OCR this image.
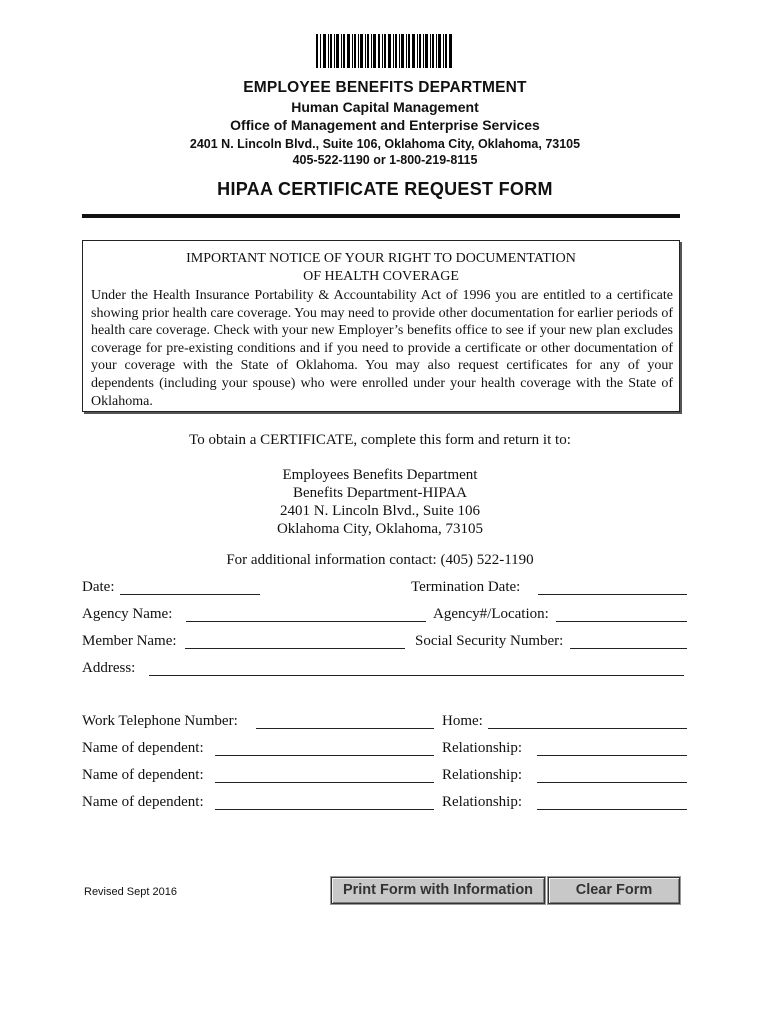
EMPLOYEE BENEFITS DEPARTMENT
Human Capital Management
Office of Management and Enterprise Services
2401 N. Lincoln Blvd., Suite 106, Oklahoma City, Oklahoma, 73105
405-522-1190 or 1-800-219-8115
HIPAA CERTIFICATE REQUEST FORM
IMPORTANT NOTICE OF YOUR RIGHT TO DOCUMENTATION
OF HEALTH COVERAGE
Under the Health Insurance Portability & Accountability Act of 1996 you are entitled to a certificate showing prior health care coverage. You may need to provide other documentation for earlier periods of health care coverage. Check with your new Employer’s benefits office to see if your new plan excludes coverage for pre-existing conditions and if you need to provide a certificate or other documentation of your coverage with the State of Oklahoma. You may also request certificates for any of your dependents (including your spouse) who were enrolled under your health coverage with the State of Oklahoma.
To obtain a CERTIFICATE, complete this form and return it to:
Employees Benefits Department
Benefits Department-HIPAA
2401 N. Lincoln Blvd., Suite 106
Oklahoma City, Oklahoma, 73105
For additional information contact: (405) 522-1190
Date:	Termination Date:
Agency Name:	Agency#/Location:
Member Name:	Social Security Number:
Address:
Work Telephone Number:	Home:
Name of dependent:	Relationship:
Name of dependent:	Relationship:
Name of dependent:	Relationship:
Revised Sept 2016	Print Form with Information	Clear Form
